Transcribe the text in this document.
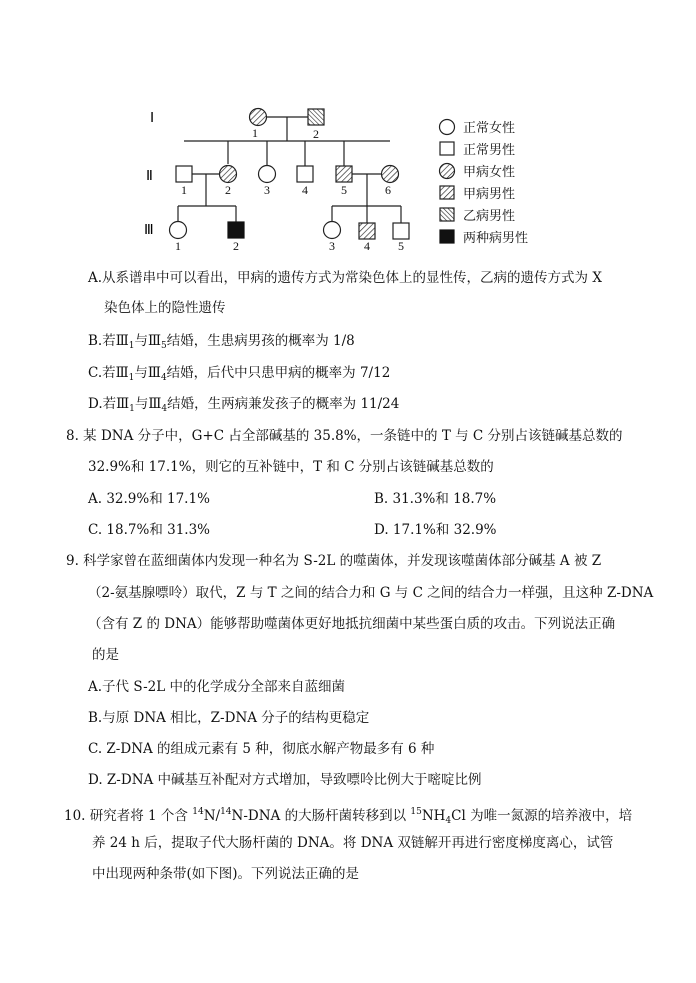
Ⅰ
Ⅱ
Ⅲ
1	2
1	2	3	4	5	6
1	2	3 4 5
正常女性
正常男性
甲病女性
甲病男性
乙病男性
两种病男性
A.从系谱串中可以看出，甲病的遗传方式为常染色体上的显性传，乙病的遗传方式为 X
染色体上的隐性遗传
B.若$Ⅲ_1$与$Ⅲ_5$结婚，生患病男孩的概率为 1/8
C.若$Ⅲ_1$与$Ⅲ_4$结婚，后代中只患甲病的概率为 7/12
D.若$Ⅲ_1$与$Ⅲ_4$结婚，生两病兼发孩子的概率为 11/24
8. 某 DNA 分子中，G+C 占全部碱基的 35.8%，一条链中的 T 与 C 分别占该链碱基总数的
32.9%和 17.1%，则它的互补链中，T 和 C 分别占该链碱基总数的
A. 32.9%和 17.1%	B. 31.3%和 18.7%
C. 18.7%和 31.3%	D. 17.1%和 32.9%
9. 科学家曾在蓝细菌体内发现一种名为 S-2L 的噬菌体，并发现该噬菌体部分碱基 A 被 Z
（2-氨基腺嘌呤）取代，Z 与 T 之间的结合力和 G 与 C 之间的结合力一样强，且这种 Z-DNA
（含有 Z 的 DNA）能够帮助噬菌体更好地抵抗细菌中某些蛋白质的攻击。下列说法正确
的是
A.子代 S-2L 中的化学成分全部来自蓝细菌
B.与原 DNA 相比，Z-DNA 分子的结构更稳定
C. Z-DNA 的组成元素有 5 种，彻底水解产物最多有 6 种
D. Z-DNA 中碱基互补配对方式增加，导致嘌呤比例大于嘧啶比例
10. 研究者将 1 个含 $^{14}$N/$^{14}$N-DNA 的大肠杆菌转移到以 $^{15}NH_4Cl$ 为唯一氮源的培养液中，培
养 24 h 后，提取子代大肠杆菌的 DNA。将 DNA 双链解开再进行密度梯度离心，试管
中出现两种条带(如下图)。下列说法正确的是
